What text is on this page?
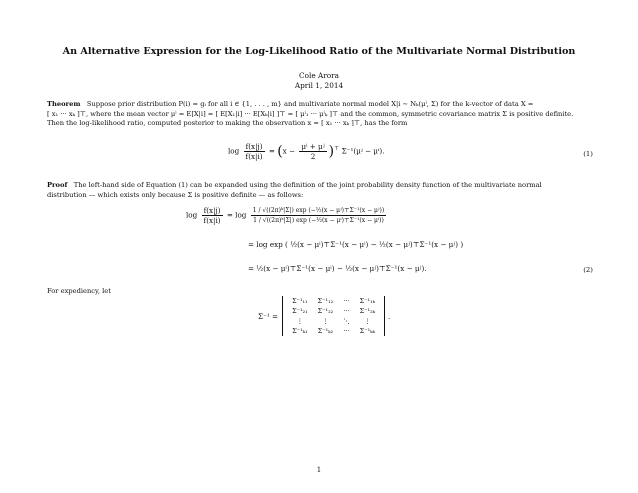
An Alternative Expression for the Log-Likelihood Ratio of the Multivariate Normal Distribution
Cole Arora
April 1, 2014
Theorem Suppose prior distribution P(i) = gᵢ for all i ∈ {1, . . . , m} and multivariate normal model X|i ∼ Nₖ(μⁱ, Σ) for the k-vector of data X =
[ x₁ ··· xₖ ]⊤, where the mean vector μⁱ = E[X|i] = [ E[X₁|i] ··· E[Xₖ|i] ]⊤ = [ μⁱ₁ ··· μⁱₖ ]⊤ and the common, symmetric covariance matrix Σ is positive definite.
Then the log-likelihood ratio, computed posterior to making the observation x = [ x₁ ··· xₖ ]⊤, has the form
$\log \frac{f(x|j)}{f(x|i)} = (x - \frac{\text{μⁱ + μʲ}}{2} )^⊤$ Σ⁻¹(μʲ − μⁱ).	(1)
Proof The left-hand side of Equation (1) can be expanded using the definition of the joint probability density function of the multivariate normal
distribution — which exists only because Σ is positive definite — as follows:
$\log \frac{f(x|j)}{f(x|i)} = \log \frac{\text{1 / √((2π)ᵏ|Σ|) exp (−½(x − μʲ)⊤Σ⁻¹(x − μʲ))}}{\text{1 / √((2π)ᵏ|Σ|) exp (−½(x − μⁱ)⊤Σ⁻¹(x − μⁱ))}}$
= log exp ( ½(x − μⁱ)⊤Σ⁻¹(x − μⁱ) − ½(x − μʲ)⊤Σ⁻¹(x − μʲ) )
= ½(x − μⁱ)⊤Σ⁻¹(x − μⁱ) − ½(x − μʲ)⊤Σ⁻¹(x − μʲ).	(2)
For expediency, let
Σ⁻¹ =
Σ⁻¹₁₁	Σ⁻¹₁₂	···	Σ⁻¹₁ₖ
Σ⁻¹₂₁	Σ⁻¹₂₂	···	Σ⁻¹₂ₖ
⋮	⋮	⋱	⋮
Σ⁻¹ₖ₁	Σ⁻¹ₖ₂	···	Σ⁻¹ₖₖ
.
1
